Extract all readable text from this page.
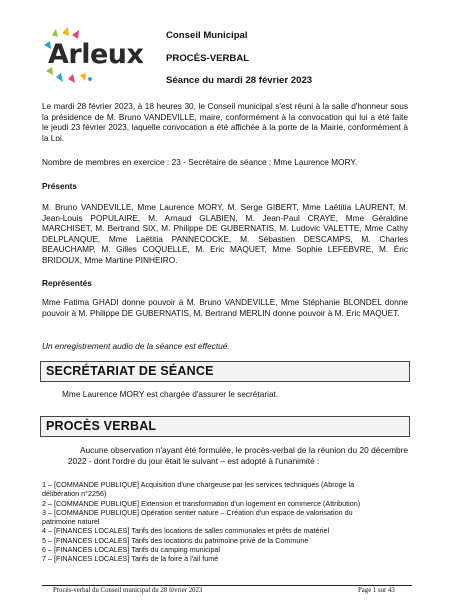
Arleux
Conseil Municipal
PROCÈS-VERBAL
Séance du mardi 28 février 2023
Le mardi 28 février 2023, à 18 heures 30, le Conseil municipal s'est réuni à la salle d'honneur sous la présidence de M. Bruno VANDEVILLE, maire, conformément à la convocation qui lui a été faite le jeudi 23 février 2023, laquelle convocation a été affichée à la porte de la Mairie, conformément à la Loi.
Nombre de membres en exercice : 23 - Secrétaire de séance : Mme Laurence MORY.
Présents
M. Bruno VANDEVILLE, Mme Laurence MORY, M. Serge GIBERT, Mme Laëtitia LAURENT, M. Jean-Louis POPULAIRE, M. Arnaud GLABIEN, M. Jean-Paul CRAYE, Mme Géraldine MARCHISET, M. Bertrand SIX, M. Philippe DE GUBERNATIS, M. Ludovic VALETTE, Mme Cathy DELPLANQUE, Mme Laëtitia PANNECOCKE, M. Sébastien DESCAMPS, M. Charles BEAUCHAMP, M. Gilles COQUELLE, M. Eric MAQUET, Mme Sophie LEFEBVRE, M. Éric BRIDOUX, Mme Martine PINHEIRO.
Représentés
Mme Fatima GHADI donne pouvoir à M. Bruno VANDEVILLE, Mme Stéphanie BLONDEL donne pouvoir à M. Philippe DE GUBERNATIS, M. Bertrand MERLIN donne pouvoir à M. Eric MAQUET.
Un enregistrement audio de la séance est effectué.
SECRÉTARIAT DE SÉANCE
Mme Laurence MORY est chargée d'assurer le secrétariat.
PROCÈS VERBAL
Aucune observation n'ayant été formulée, le procès-verbal de la réunion du 20 décembre 2022 - dont l'ordre du jour était le suivant – est adopté à l'unanimité :
1 – [COMMANDE PUBLIQUE] Acquisition d'une chargeuse par les services techniques (Abroge la
délibération n°2256)
2 – [COMMANDE PUBLIQUE] Extension et transformation d'un logement en commerce (Attribution)
3 – [COMMANDE PUBLIQUE] Opération sentier nature – Création d'un espace de valorisation du
patrimoine naturel
4 – [FINANCES LOCALES] Tarifs des locations de salles communales et prêts de matériel
5 – [FINANCES LOCALES] Tarifs des locations du patrimoine privé de la Commune
6 – [FINANCES LOCALES] Tarifs du camping municipal
7 – [FINANCES LOCALES] Tarifs de la foire à l'ail fumé
Procès-verbal du Conseil municipal du 28 février 2023	Page 1 sur 43
